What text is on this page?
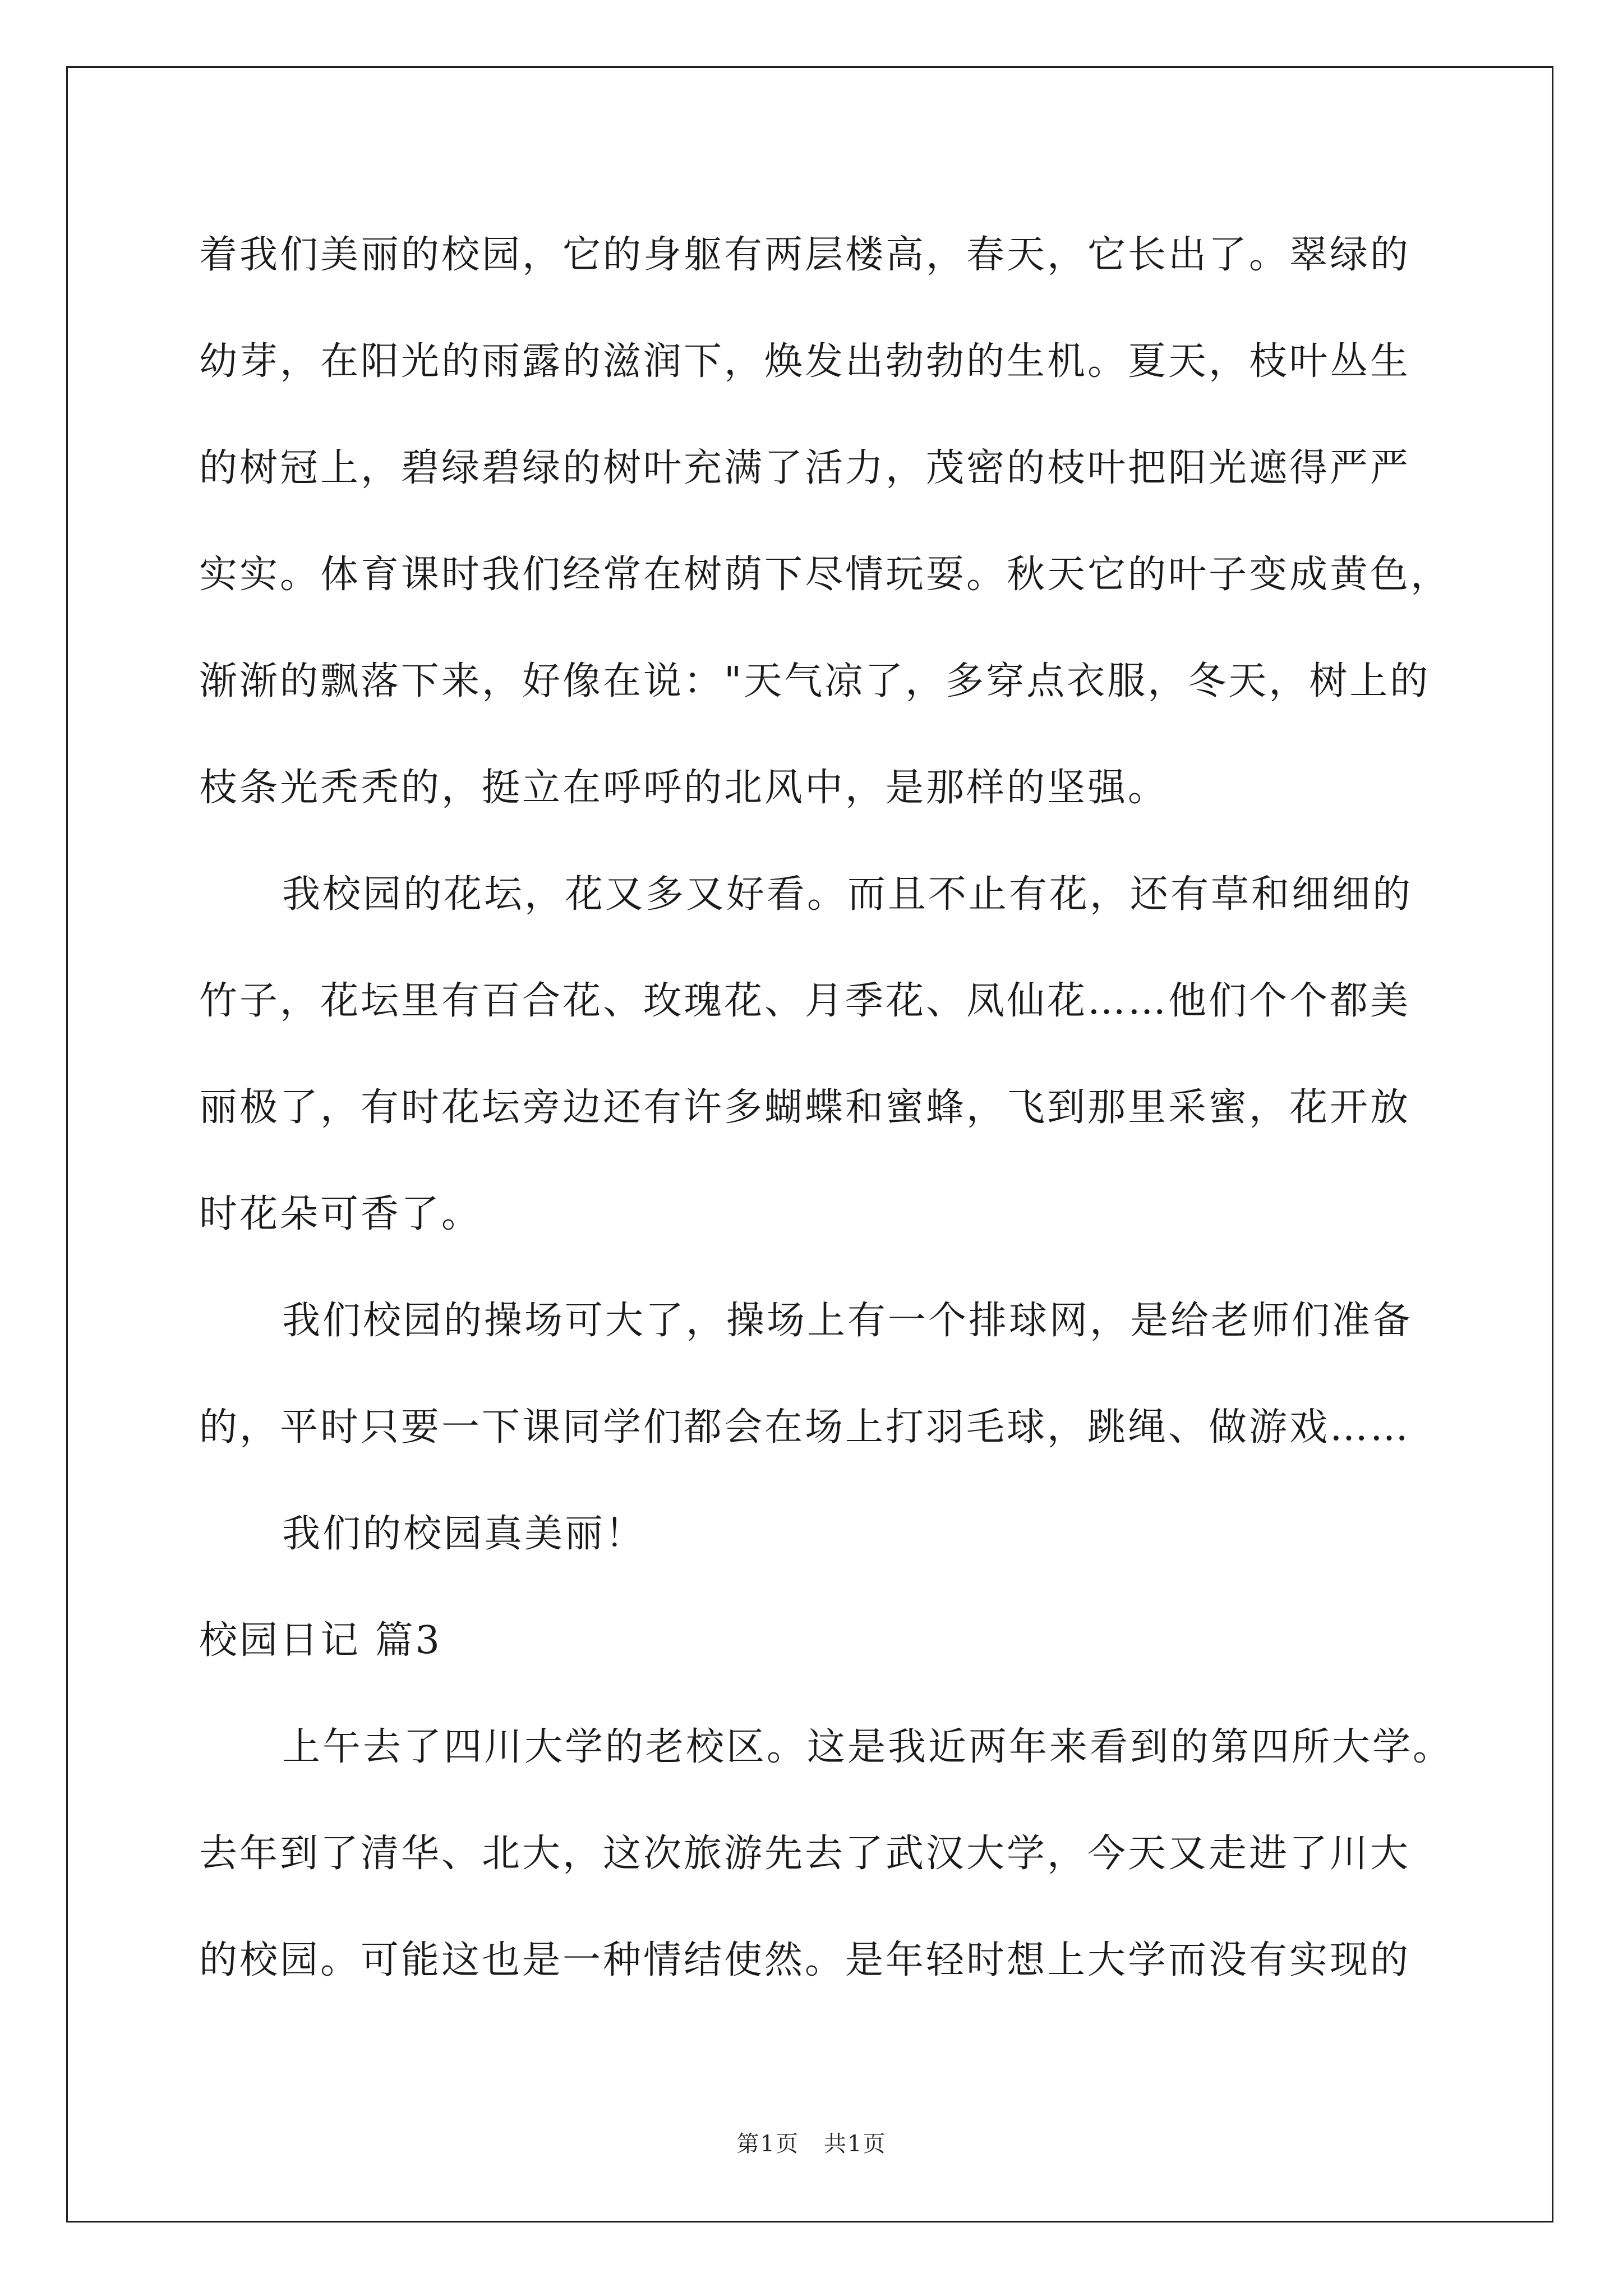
着我们美丽的校园，它的身躯有两层楼高，春天，它长出了。翠绿的
幼芽，在阳光的雨露的滋润下，焕发出勃勃的生机。夏天，枝叶丛生
的树冠上，碧绿碧绿的树叶充满了活力，茂密的枝叶把阳光遮得严严
实实。体育课时我们经常在树荫下尽情玩耍。秋天它的叶子变成黄色，
渐渐的飘落下来，好像在说："天气凉了，多穿点衣服，冬天，树上的
枝条光秃秃的，挺立在呼呼的北风中，是那样的坚强。
我校园的花坛，花又多又好看。而且不止有花，还有草和细细的
竹子，花坛里有百合花、玫瑰花、月季花、凤仙花……他们个个都美
丽极了，有时花坛旁边还有许多蝴蝶和蜜蜂，飞到那里采蜜，花开放
时花朵可香了。
我们校园的操场可大了，操场上有一个排球网，是给老师们准备
的，平时只要一下课同学们都会在场上打羽毛球，跳绳、做游戏……
我们的校园真美丽！
校园日记 篇3
上午去了四川大学的老校区。这是我近两年来看到的第四所大学。
去年到了清华、北大，这次旅游先去了武汉大学，今天又走进了川大
的校园。可能这也是一种情结使然。是年轻时想上大学而没有实现的
第1页 共1页
